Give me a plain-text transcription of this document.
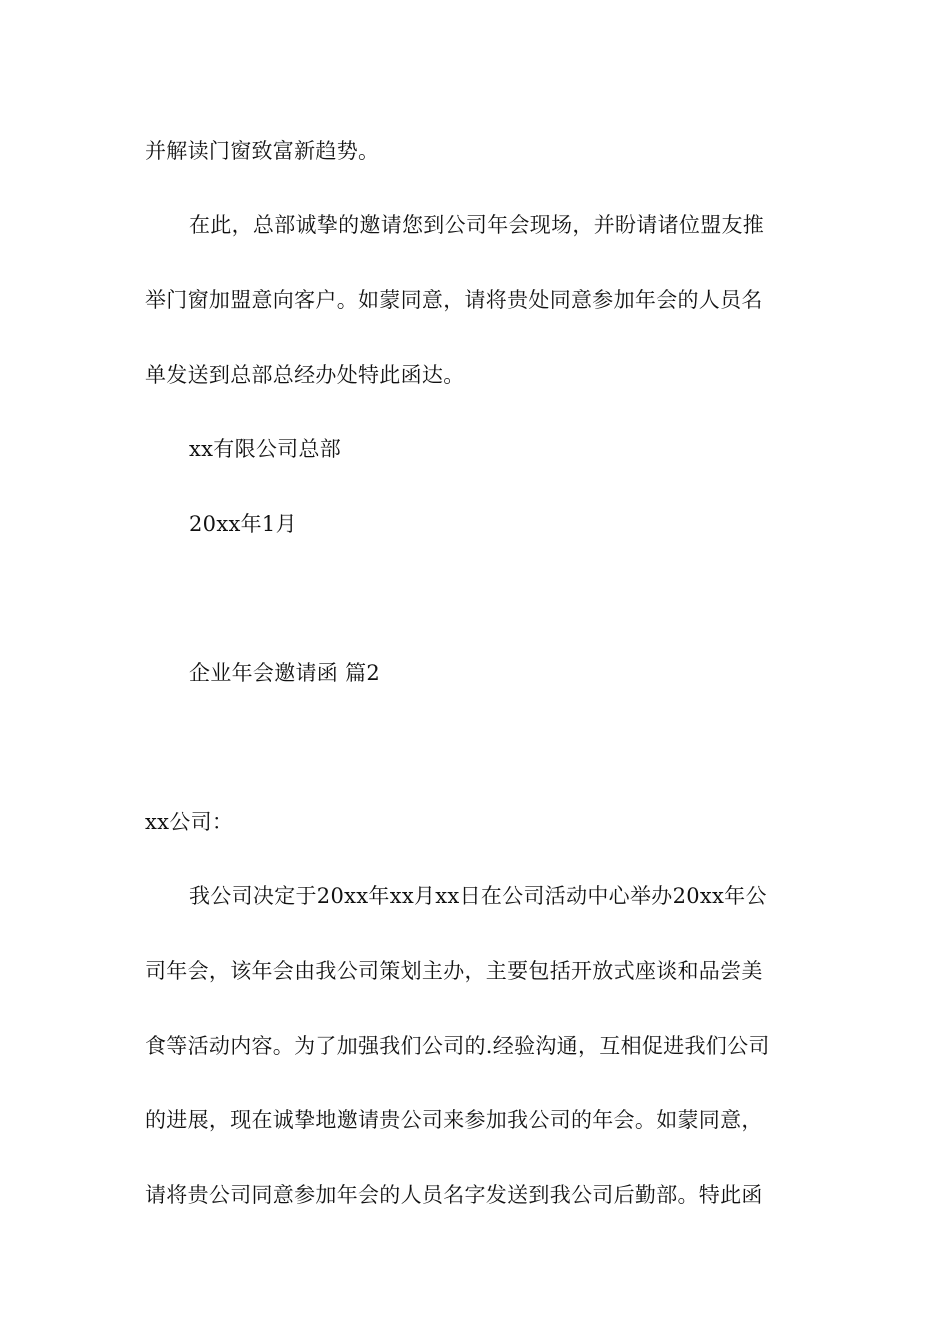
并解读门窗致富新趋势。
在此，总部诚挚的邀请您到公司年会现场，并盼请诸位盟友推
举门窗加盟意向客户。如蒙同意，请将贵处同意参加年会的人员名
单发送到总部总经办处特此函达。
xx有限公司总部
20xx年1月
企业年会邀请函 篇2
xx公司：
我公司决定于20xx年xx月xx日在公司活动中心举办20xx年公
司年会，该年会由我公司策划主办，主要包括开放式座谈和品尝美
食等活动内容。为了加强我们公司的.经验沟通，互相促进我们公司
的进展，现在诚挚地邀请贵公司来参加我公司的年会。如蒙同意，
请将贵公司同意参加年会的人员名字发送到我公司后勤部。特此函
